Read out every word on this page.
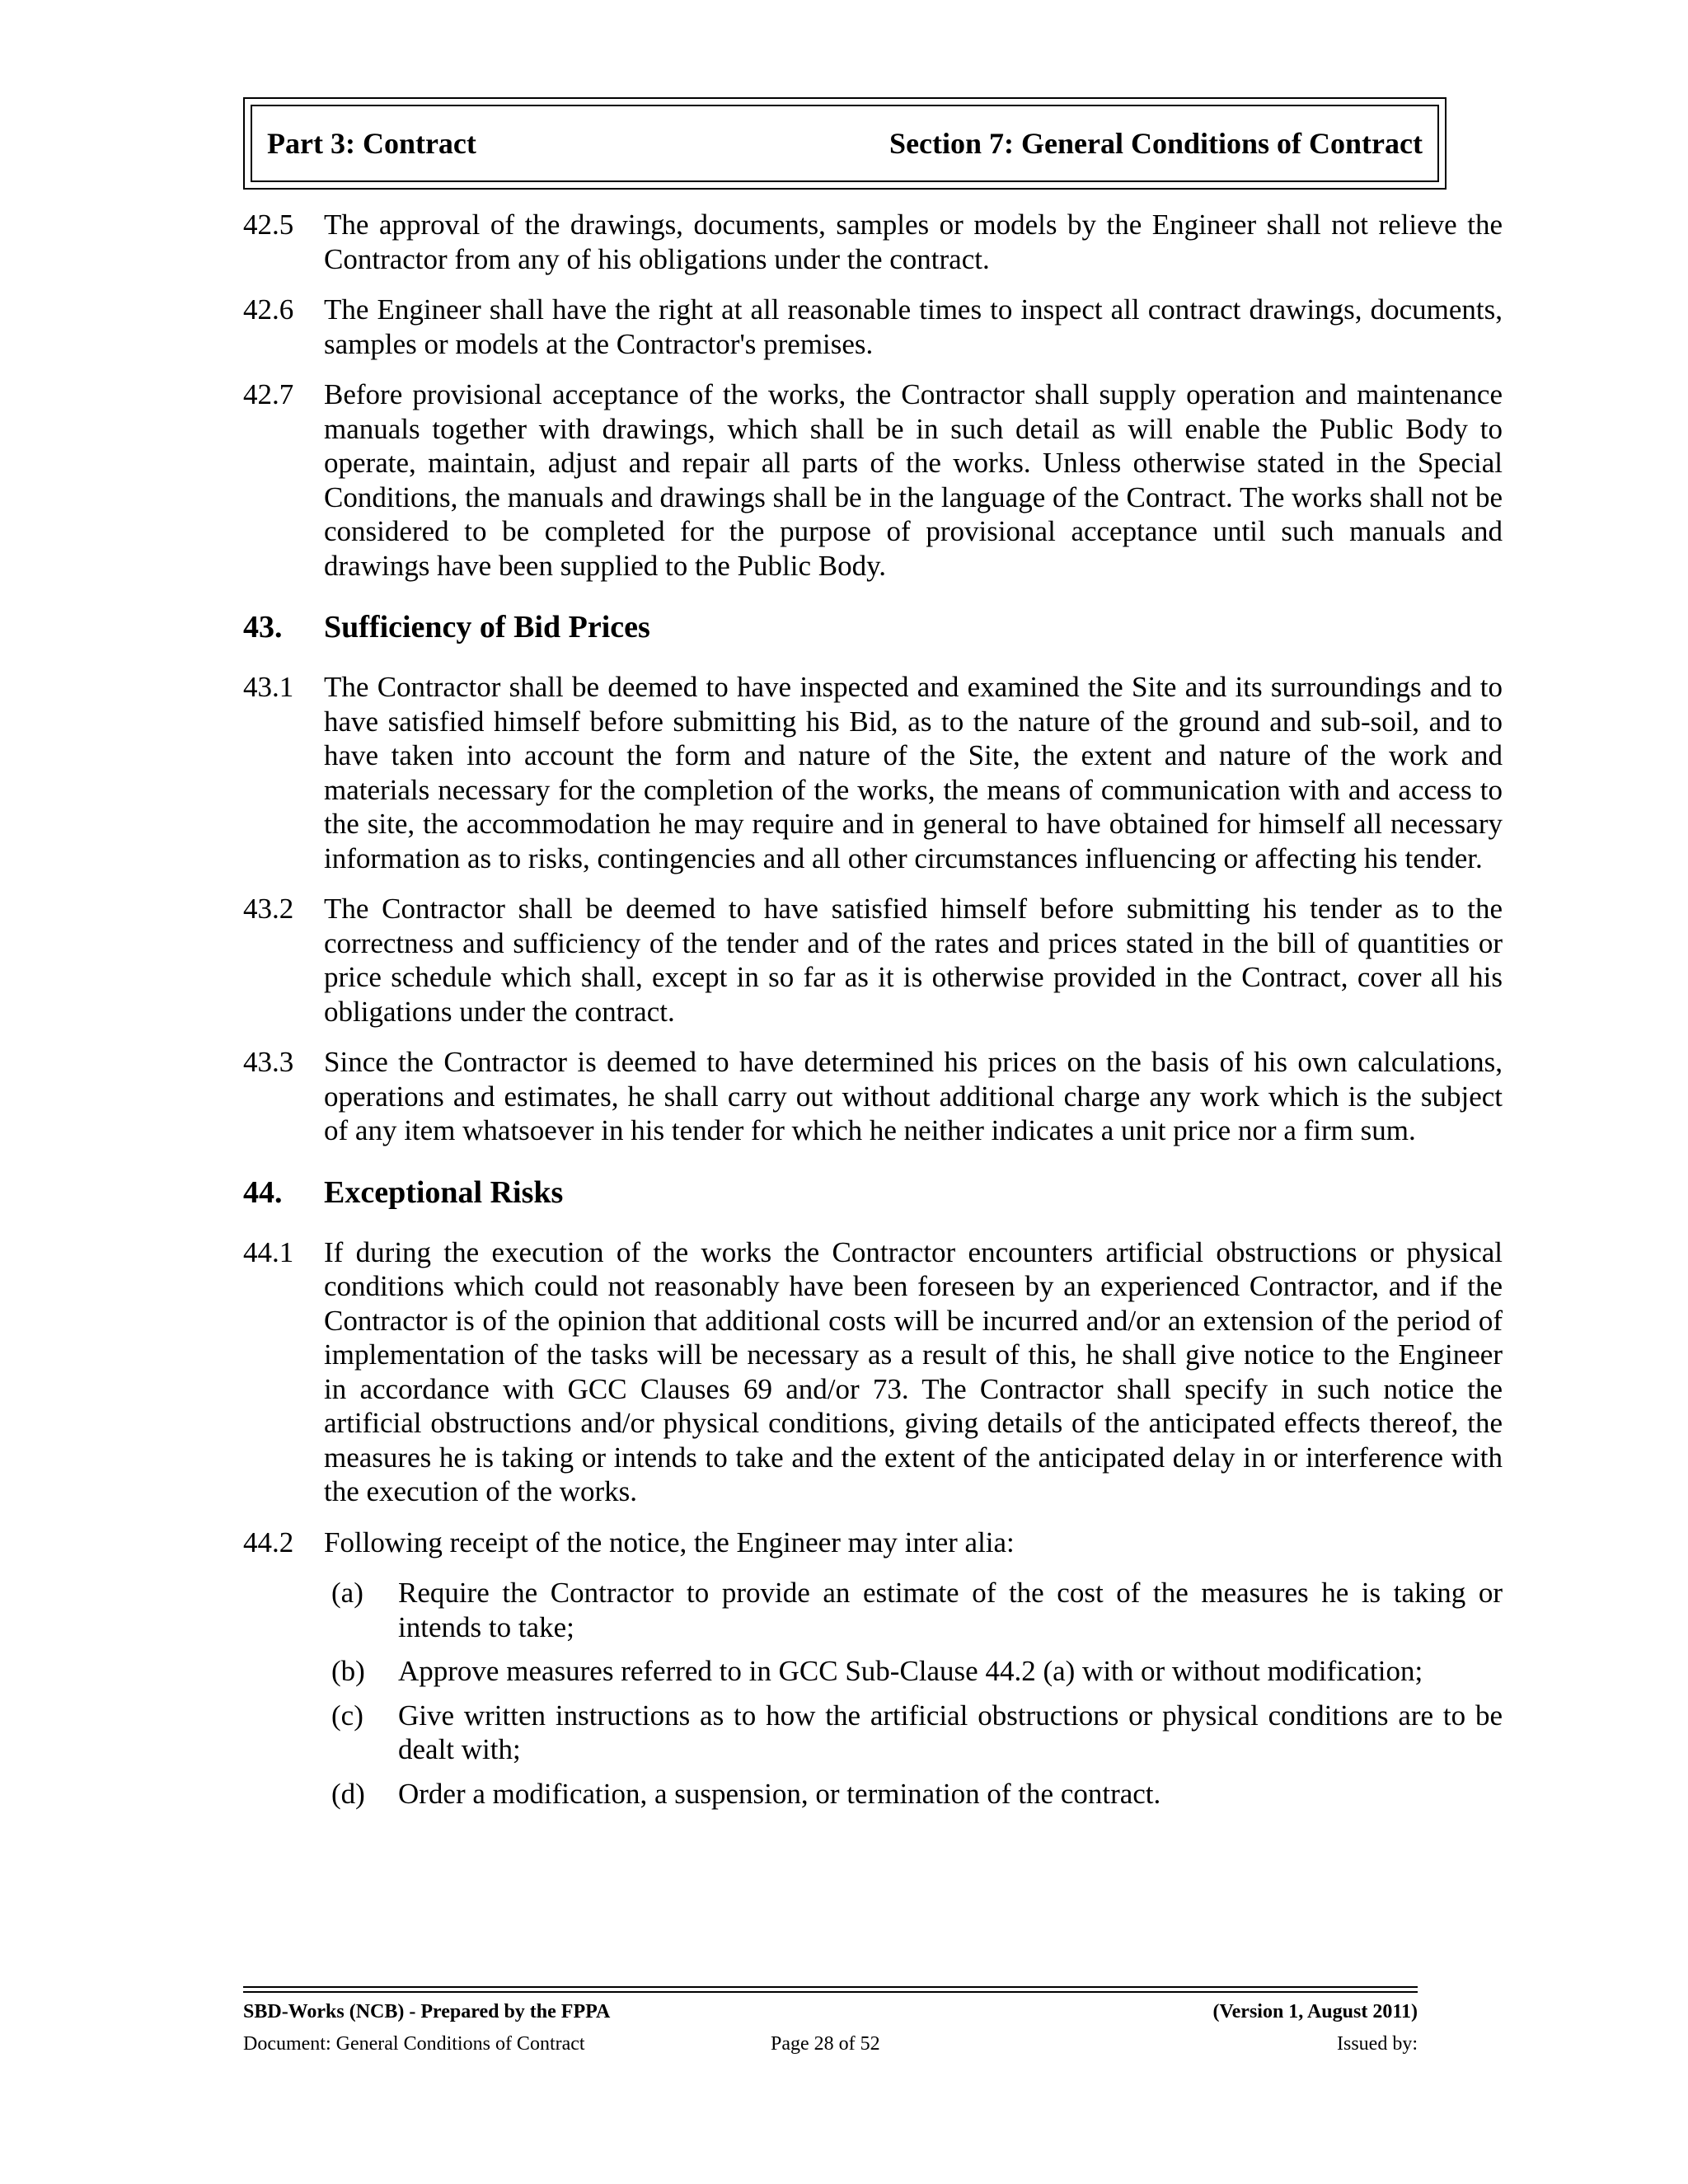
Part 3: Contract	Section 7: General Conditions of Contract
42.5 The approval of the drawings, documents, samples or models by the Engineer shall not relieve the Contractor from any of his obligations under the contract.
42.6 The Engineer shall have the right at all reasonable times to inspect all contract drawings, documents, samples or models at the Contractor's premises.
42.7 Before provisional acceptance of the works, the Contractor shall supply operation and maintenance manuals together with drawings, which shall be in such detail as will enable the Public Body to operate, maintain, adjust and repair all parts of the works. Unless otherwise stated in the Special Conditions, the manuals and drawings shall be in the language of the Contract. The works shall not be considered to be completed for the purpose of provisional acceptance until such manuals and drawings have been supplied to the Public Body.
43. Sufficiency of Bid Prices
43.1 The Contractor shall be deemed to have inspected and examined the Site and its surroundings and to have satisfied himself before submitting his Bid, as to the nature of the ground and sub-soil, and to have taken into account the form and nature of the Site, the extent and nature of the work and materials necessary for the completion of the works, the means of communication with and access to the site, the accommodation he may require and in general to have obtained for himself all necessary information as to risks, contingencies and all other circumstances influencing or affecting his tender.
43.2 The Contractor shall be deemed to have satisfied himself before submitting his tender as to the correctness and sufficiency of the tender and of the rates and prices stated in the bill of quantities or price schedule which shall, except in so far as it is otherwise provided in the Contract, cover all his obligations under the contract.
43.3 Since the Contractor is deemed to have determined his prices on the basis of his own calculations, operations and estimates, he shall carry out without additional charge any work which is the subject of any item whatsoever in his tender for which he neither indicates a unit price nor a firm sum.
44. Exceptional Risks
44.1 If during the execution of the works the Contractor encounters artificial obstructions or physical conditions which could not reasonably have been foreseen by an experienced Contractor, and if the Contractor is of the opinion that additional costs will be incurred and/or an extension of the period of implementation of the tasks will be necessary as a result of this, he shall give notice to the Engineer in accordance with GCC Clauses 69 and/or 73. The Contractor shall specify in such notice the artificial obstructions and/or physical conditions, giving details of the anticipated effects thereof, the measures he is taking or intends to take and the extent of the anticipated delay in or interference with the execution of the works.
44.2 Following receipt of the notice, the Engineer may inter alia:
(a) Require the Contractor to provide an estimate of the cost of the measures he is taking or intends to take;
(b) Approve measures referred to in GCC Sub-Clause 44.2 (a) with or without modification;
(c) Give written instructions as to how the artificial obstructions or physical conditions are to be dealt with;
(d) Order a modification, a suspension, or termination of the contract.
SBD-Works (NCB) - Prepared by the FPPA	(Version 1, August 2011)
Document: General Conditions of Contract	Page 28 of 52	Issued by:
